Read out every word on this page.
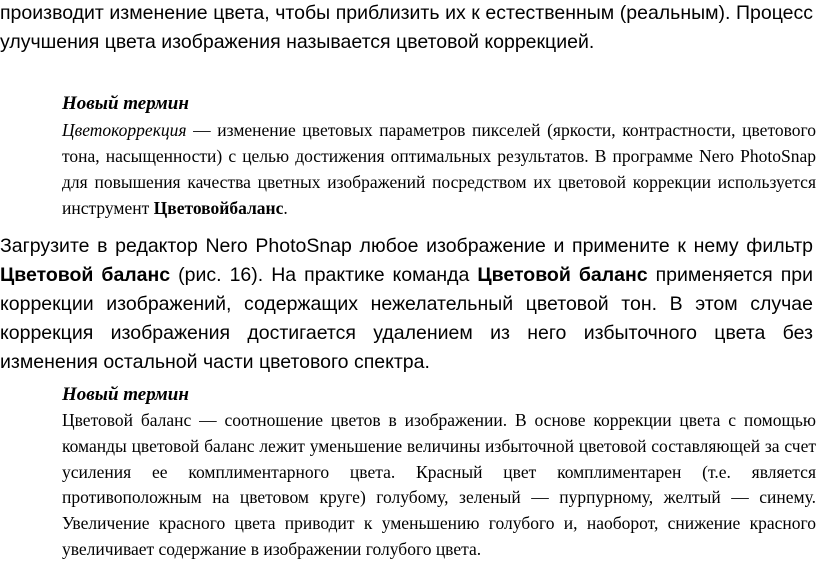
производит изменение цвета, чтобы приблизить их к естественным (реальным). Процесс улучшения цвета изображения называется цветовой коррекцией.

Новый термин

Цветокоррекция — изменение цветовых параметров пикселей (яркости, контрастности, цветового тона, насыщенности) с целью достижения оптимальных результатов. В программе Nero PhotoSnap для повышения качества цветных изображений посредством их цветовой коррекции используется инструмент Цветовойбаланс.

Загрузите в редактор Nero PhotoSnap любое изображение и примените к нему фильтр Цветовой баланс (рис. 16). На практике команда Цветовой баланс применяется при коррекции изображений, содержащих нежелательный цветовой тон. В этом случае коррекция изображения достигается удалением из него избыточного цвета без изменения остальной части цветового спектра.

Новый термин

Цветовой баланс — соотношение цветов в изображении. В основе коррекции цвета с помощью команды цветовой баланс лежит уменьшение величины избыточной цветовой составляющей за счет усиления ее комплиментарного цвета. Красный цвет комплиментарен (т.е. является противоположным на цветовом круге) голубому, зеленый — пурпурному, желтый — синему. Увеличение красного цвета приводит к уменьшению голубого и, наоборот, снижение красного увеличивает содержание в изображении голубого цвета.
